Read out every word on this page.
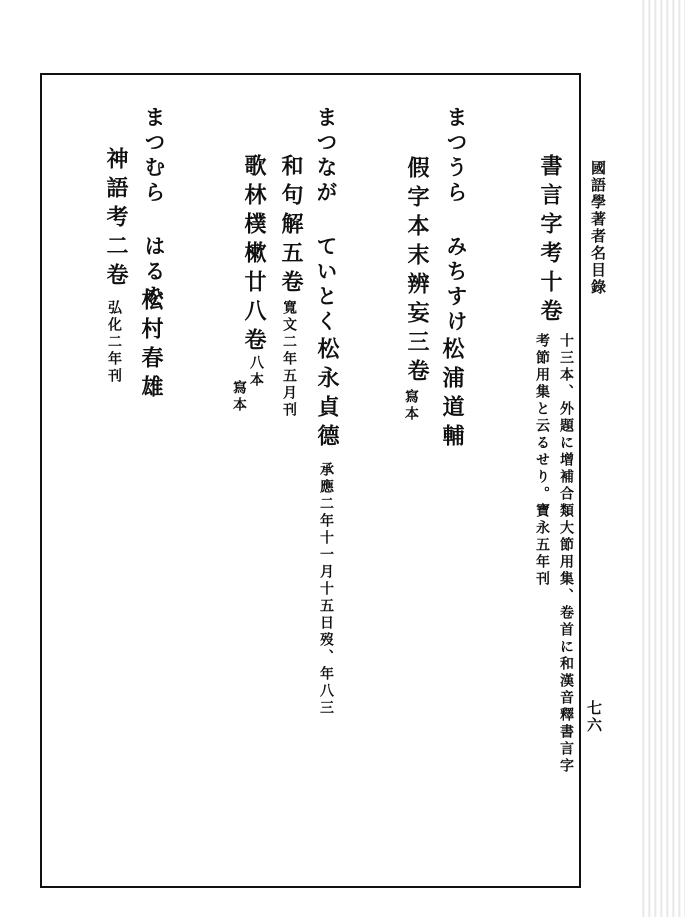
國語學著者名目錄
七六
書言字考十卷
十三本、外題に增補合類大節用集、卷首に和漢音釋書言字
考節用集と云るせり。寶永五年刊
まつうら みちすけ
松浦道輔
假字本末辨妄三卷
寫本
まつなが ていとく
松永貞德
承應二年十一月十五日歿、年八三
和句解五卷
寬文二年五月刊
歌林樸樕廿八卷
八本
寫本
まつむら はるを
松村春雄
神語考二卷
弘化二年刊
